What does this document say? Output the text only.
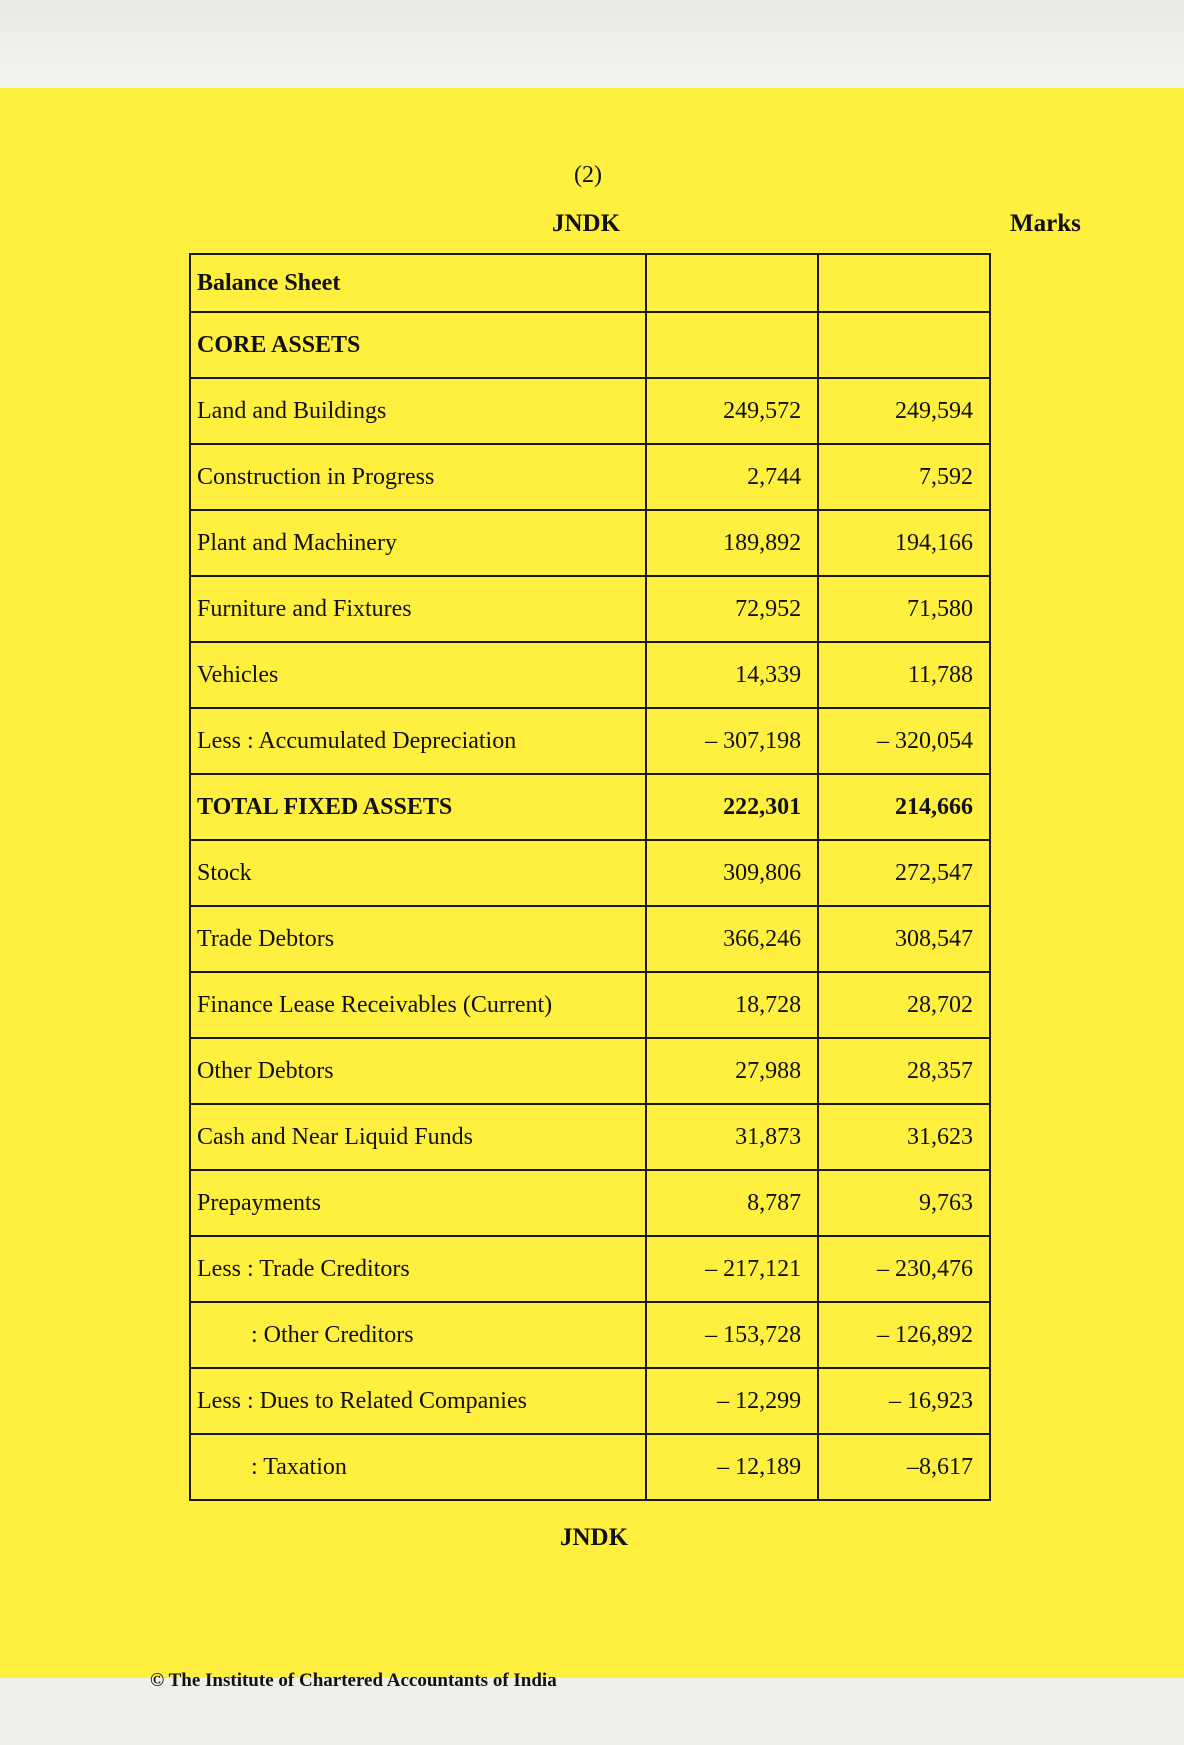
(2)
JNDK	Marks
Balance Sheet		
CORE ASSETS		
Land and Buildings	249,572	249,594
Construction in Progress	2,744	7,592
Plant and Machinery	189,892	194,166
Furniture and Fixtures	72,952	71,580
Vehicles	14,339	11,788
Less : Accumulated Depreciation	– 307,198	– 320,054
TOTAL FIXED ASSETS	222,301	214,666
Stock	309,806	272,547
Trade Debtors	366,246	308,547
Finance Lease Receivables (Current)	18,728	28,702
Other Debtors	27,988	28,357
Cash and Near Liquid Funds	31,873	31,623
Prepayments	8,787	9,763
Less : Trade Creditors	– 217,121	– 230,476
: Other Creditors	– 153,728	– 126,892
Less : Dues to Related Companies	– 12,299	– 16,923
: Taxation	– 12,189	–8,617
JNDK
© The Institute of Chartered Accountants of India
